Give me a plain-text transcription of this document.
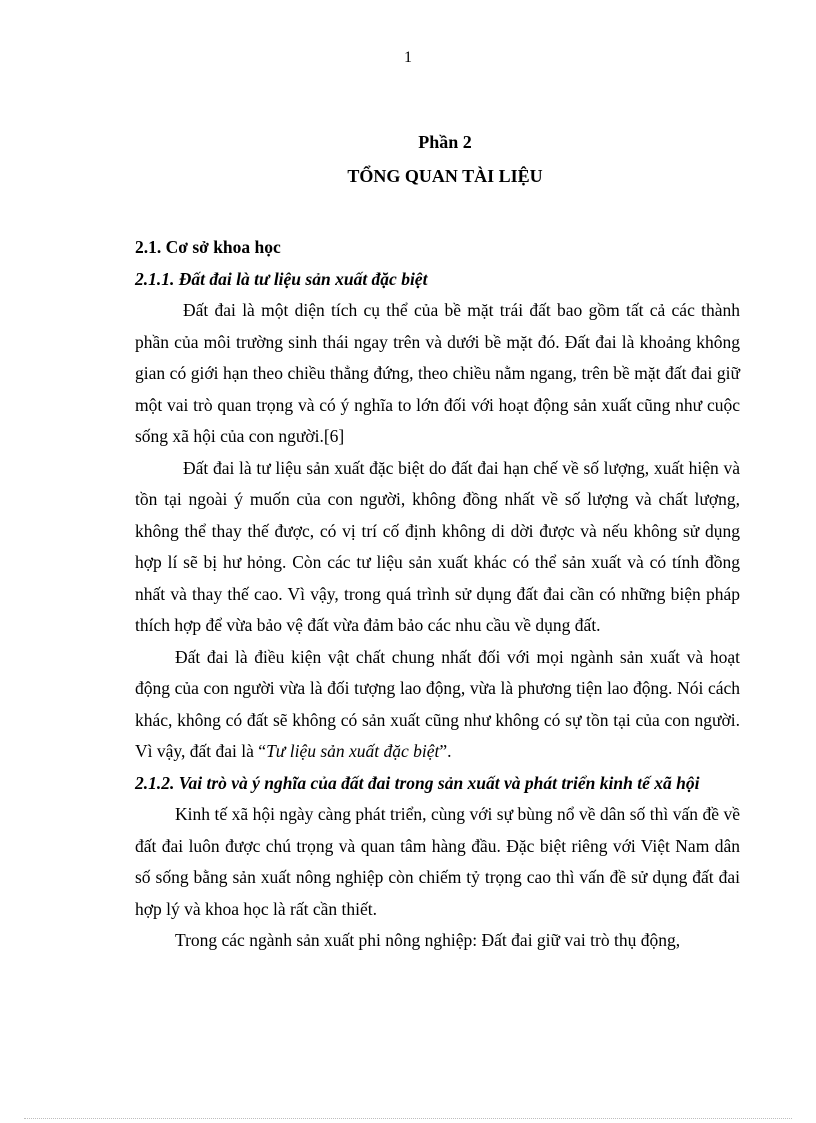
1
Phần 2
TỔNG QUAN TÀI LIỆU

2.1. Cơ sở khoa học

2.1.1. Đất đai là tư liệu sản xuất đặc biệt

Đất đai là một diện tích cụ thể của bề mặt trái đất bao gồm tất cả các thành phần của môi trường sinh thái ngay trên và dưới bề mặt đó. Đất đai là khoảng không gian có giới hạn theo chiều thẳng đứng, theo chiều nằm ngang, trên bề mặt đất đai giữ một vai trò quan trọng và có ý nghĩa to lớn đối với hoạt động sản xuất cũng như cuộc sống xã hội của con người.[6]

Đất đai là tư liệu sản xuất đặc biệt do đất đai hạn chế về số lượng, xuất hiện và tồn tại ngoài ý muốn của con người, không đồng nhất về số lượng và chất lượng, không thể thay thế được, có vị trí cố định không di dời được và nếu không sử dụng hợp lí sẽ bị hư hỏng. Còn các tư liệu sản xuất khác có thể sản xuất và có tính đồng nhất và thay thế cao. Vì vậy, trong quá trình sử dụng đất đai cần có những biện pháp thích hợp để vừa bảo vệ đất vừa đảm bảo các nhu cầu về dụng đất.

Đất đai là điều kiện vật chất chung nhất đối với mọi ngành sản xuất và hoạt động của con người vừa là đối tượng lao động, vừa là phương tiện lao động. Nói cách khác, không có đất sẽ không có sản xuất cũng như không có sự tồn tại của con người. Vì vậy, đất đai là “Tư liệu sản xuất đặc biệt”.

2.1.2. Vai trò và ý nghĩa của đất đai trong sản xuất và phát triển kinh tế xã hội

Kinh tế xã hội ngày càng phát triển, cùng với sự bùng nổ về dân số thì vấn đề về đất đai luôn được chú trọng và quan tâm hàng đầu. Đặc biệt riêng với Việt Nam dân số sống bằng sản xuất nông nghiệp còn chiếm tỷ trọng cao thì vấn đề sử dụng đất đai hợp lý và khoa học là rất cần thiết.

Trong các ngành sản xuất phi nông nghiệp: Đất đai giữ vai trò thụ động,
